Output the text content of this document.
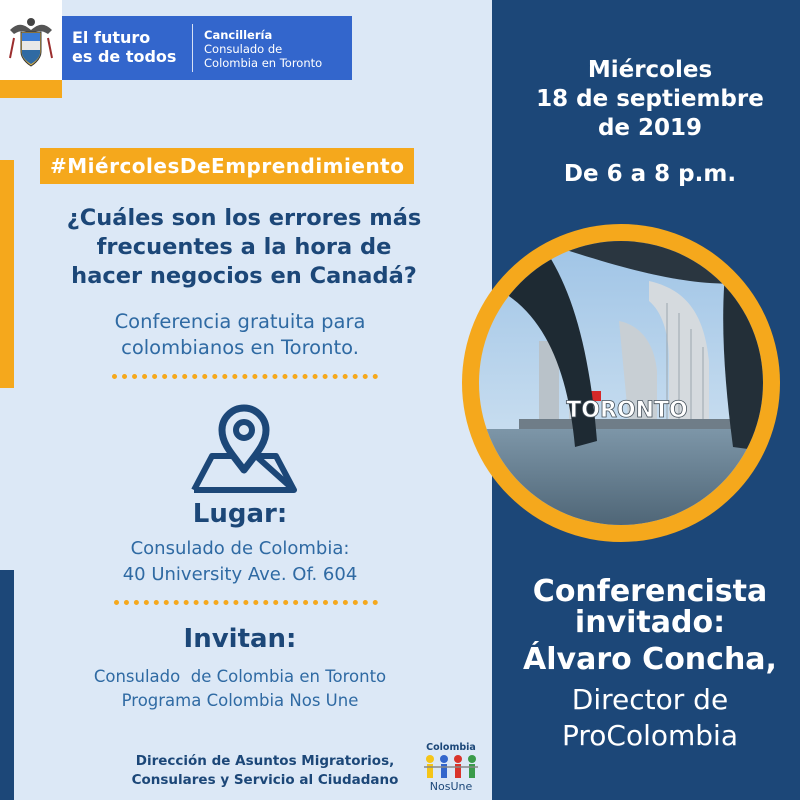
El futuro
es de todos
Cancillería
Consulado de
Colombia en Toronto
#MiércolesDeEmprendimiento
¿Cuáles son los errores más
frecuentes a la hora de
hacer negocios en Canadá?
Conferencia gratuita para
colombianos en Toronto.
Lugar:
Consulado de Colombia:
40 University Ave. Of. 604
Invitan:
Consulado  de Colombia en Toronto
Programa Colombia Nos Une
Dirección de Asuntos Migratorios,
Consulares y Servicio al Ciudadano
Colombia
NosUne
Miércoles
18 de septiembre
de 2019
De 6 a 8 p.m.
TORONTO
Conferencista
invitado:
Álvaro Concha,
Director de
ProColombia
